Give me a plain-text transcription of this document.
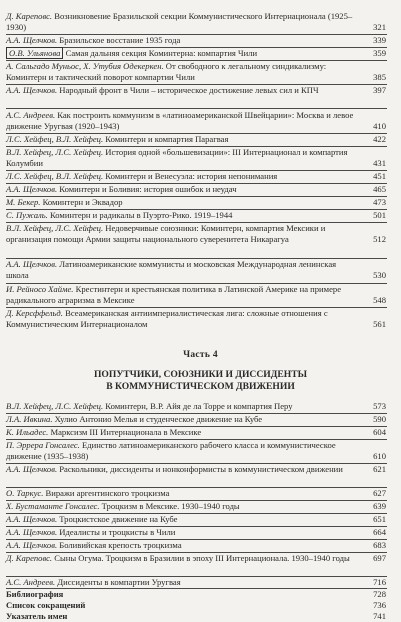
Д. Кареповс. Возникновение Бразильской секции Коммунистического Интернационала (1925–1930)	321
А.А. Щелчков. Бразильское восстание 1935 года	339
О.В. Ульянова Самая дальняя секция Коминтерна: компартия Чили	359
А. Сальгадо Муньос, Х. Утубия Одекеркен. От свободного к легальному синдикализму: Коминтерн и тактический поворот компартии Чили	385
А.А. Щелчков. Народный фронт в Чили – историческое достижение левых сил и КПЧ	397
А.С. Андреев. Как построить коммунизм в «латиноамериканской Швейцарии»: Москва и левое движение Уругвая (1920–1943)	410
Л.С. Хейфец, В.Л. Хейфец. Коминтерн и компартия Парагвая	422
В.Л. Хейфец, Л.С. Хейфец. История одной «большевизации»: III Интернационал и компартия Колумбии	431
Л.С. Хейфец, В.Л. Хейфец. Коминтерн и Венесуэла: история непонимания	451
А.А. Щелчков. Коминтерн и Боливия: история ошибок и неудач	465
М. Бекер. Коминтерн и Эквадор	473
С. Пужаль. Коминтерн и радикалы в Пуэрто-Рико. 1919–1944	501
В.Л. Хейфец, Л.С. Хейфец. Недоверчивые союзники: Коминтерн, компартия Мексики и организация помощи Армии защиты национального суверенитета Никарагуа	512
А.А. Щелчков. Латиноамериканские коммунисты и московская Международная ленинская школа	530
И. Рейносо Хайме. Крестинтерн и крестьянская политика в Латинской Америке на примере радикального аграризма в Мексике	548
Д. Керсффельд. Всеамериканская антиимпериалистическая лига: сложные отношения с Коммунистическим Интернационалом	561
Часть 4
ПОПУТЧИКИ, СОЮЗНИКИ И ДИССИДЕНТЫ
В КОММУНИСТИЧЕСКОМ ДВИЖЕНИИ
В.Л. Хейфец, Л.С. Хейфец. Коминтерн, В.Р. Айя де ла Торре и компартия Перу	573
Л.А. Ивкина. Хулио Антонио Мелья и студенческое движение на Кубе	590
К. Ильадес. Марксизм III Интернационала в Мексике	604
П. Эррера Гонсалес. Единство латиноамериканского рабочего класса и коммунистическое движение (1935–1938)	610
А.А. Щелчков. Раскольники, диссиденты и нонконформисты в коммунистическом движении	621
О. Таркус. Виражи аргентинского троцкизма	627
Х. Бустаманте Гонсалес. Троцкизм в Мексике. 1930–1940 годы	639
А.А. Щелчков. Троцкистское движение на Кубе	651
А.А. Щелчков. Идеалисты и троцкисты в Чили	664
А.А. Щелчков. Боливийская крепость троцкизма	683
Д. Кареповс. Сыны Огума. Троцкизм в Бразилии в эпоху III Интернационала. 1930–1940 годы	697
А.С. Андреев. Диссиденты в компартии Уругвая	716
Библиография	728
Список сокращений	736
Указатель имен	741
